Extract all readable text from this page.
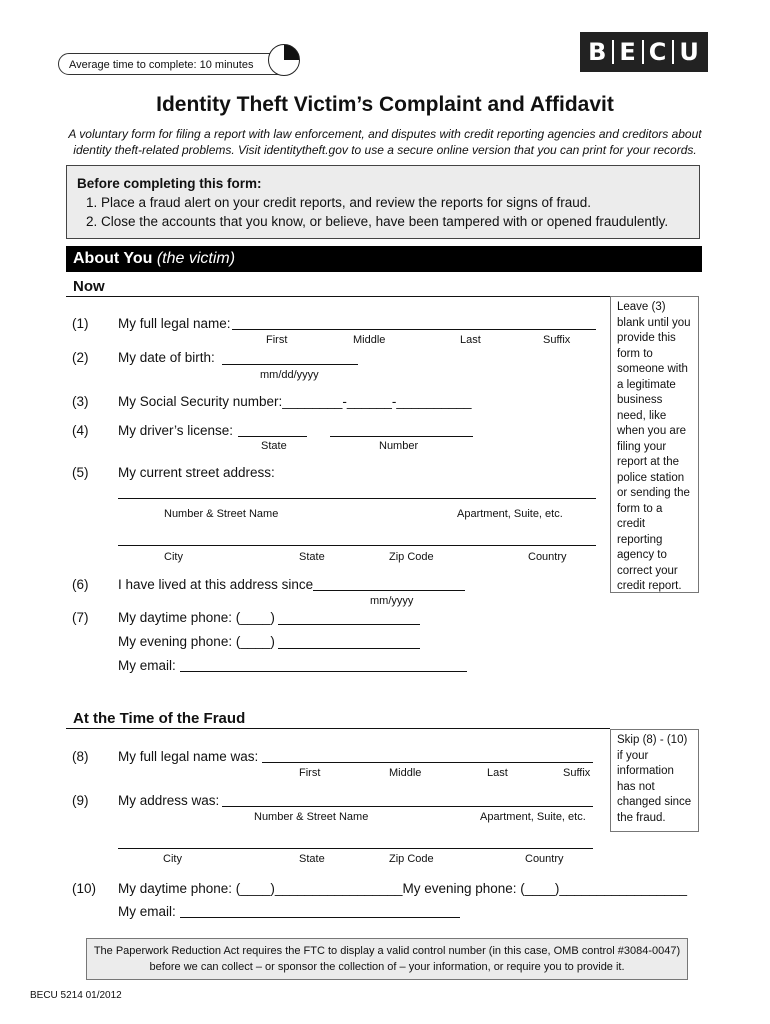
Average time to complete: 10 minutes	B E C U
Identity Theft Victim’s Complaint and Affidavit
A voluntary form for filing a report with law enforcement, and disputes with credit reporting agencies and creditors about
identity theft-related problems. Visit identitytheft.gov to use a secure online version that you can print for your records.
Before completing this form:
1. Place a fraud alert on your credit reports, and review the reports for signs of fraud.
2. Close the accounts that you know, or believe, have been tampered with or opened fraudulently.
About You (the victim)
Now
Leave (3) blank until you provide this form to someone with a legitimate business need, like when you are filing your report at the police station or sending the form to a credit reporting agency to correct your credit report.
(1) My full legal name:
First	Middle	Last	Suffix
(2) My date of birth:
mm/dd/yyyy
(3) My Social Security number:________-______-__________
(4) My driver’s license:
State	Number
(5) My current street address:
Number & Street Name	Apartment, Suite, etc.
City	State	Zip Code	Country
(6) I have lived at this address since
mm/yyyy
(7) My daytime phone: (____)
My evening phone: (____)
My email:
At the Time of the Fraud
Skip (8) - (10) if your information has not changed since the fraud.
(8) My full legal name was:
First	Middle	Last	Suffix
(9) My address was:
Number & Street Name	Apartment, Suite, etc.
City	State	Zip Code	Country
(10) My daytime phone: (____)_________________My evening phone: (____)_________________
My email:
The Paperwork Reduction Act requires the FTC to display a valid control number (in this case, OMB control #3084-0047)
before we can collect – or sponsor the collection of – your information, or require you to provide it.
BECU 5214 01/2012
